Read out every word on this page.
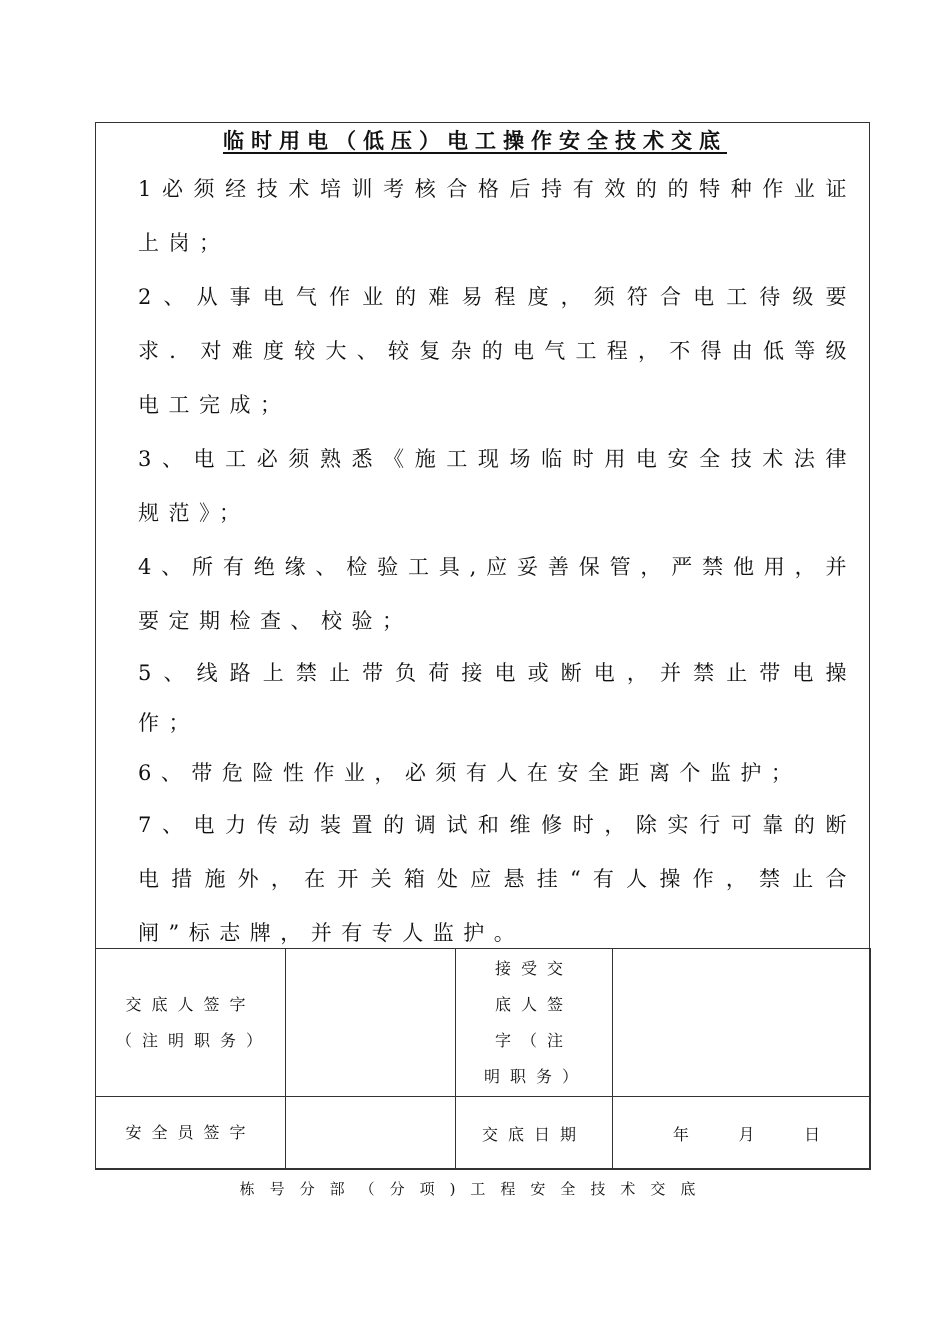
临时用电（低压）电工操作安全技术交底

1必须经技术培训考核合格后持有效的的特种作业证上岗；

2、从事电气作业的难易程度，须符合电工待级要求．对难度较大、较复杂的电气工程，不得由低等级电工完成；

3、电工必须熟悉《施工现场临时用电安全技术法律规范》；

4、所有绝缘、检验工具,应妥善保管，严禁他用，并要定期检查、校验；

5、线路上禁止带负荷接电或断电，并禁止带电操作；

6、带危险性作业，必须有人在安全距离个监护；

7、电力传动装置的调试和维修时，除实行可靠的断电措施外，在开关箱处应悬挂“有人操作，禁止合闸”标志牌，并有专人监护。

交底人签字（注明职务）		接受交底人签字（注明职务）	

安全员签字		交底日期	年 月 日
栋号分部（分项)工程安全技术交底
